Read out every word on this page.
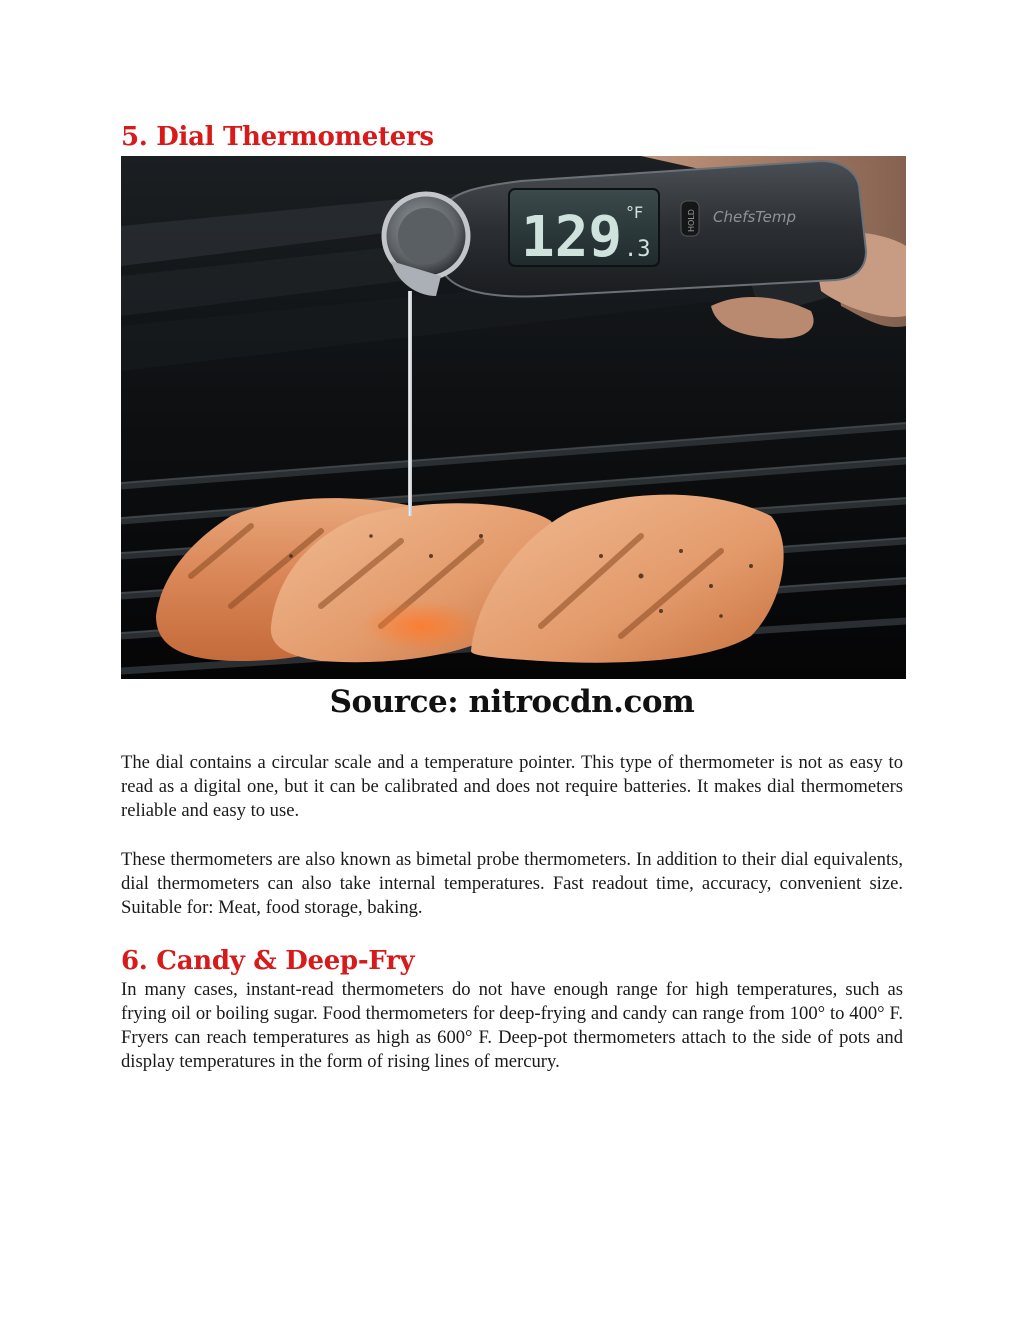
5. Dial Thermometers
129 °F
.3
HOLD ChefsTemp
Source: nitrocdn.com

The dial contains a circular scale and a temperature pointer. This type of thermometer is not as easy to read as a digital one, but it can be calibrated and does not require batteries. It makes dial thermometers reliable and easy to use.

These thermometers are also known as bimetal probe thermometers. In addition to their dial equivalents, dial thermometers can also take internal temperatures. Fast readout time, accuracy, convenient size. Suitable for: Meat, food storage, baking.

6. Candy & Deep-Fry

In many cases, instant-read thermometers do not have enough range for high temperatures, such as frying oil or boiling sugar. Food thermometers for deep-frying and candy can range from 100° to 400° F. Fryers can reach temperatures as high as 600° F. Deep-pot thermometers attach to the side of pots and display temperatures in the form of rising lines of mercury.
